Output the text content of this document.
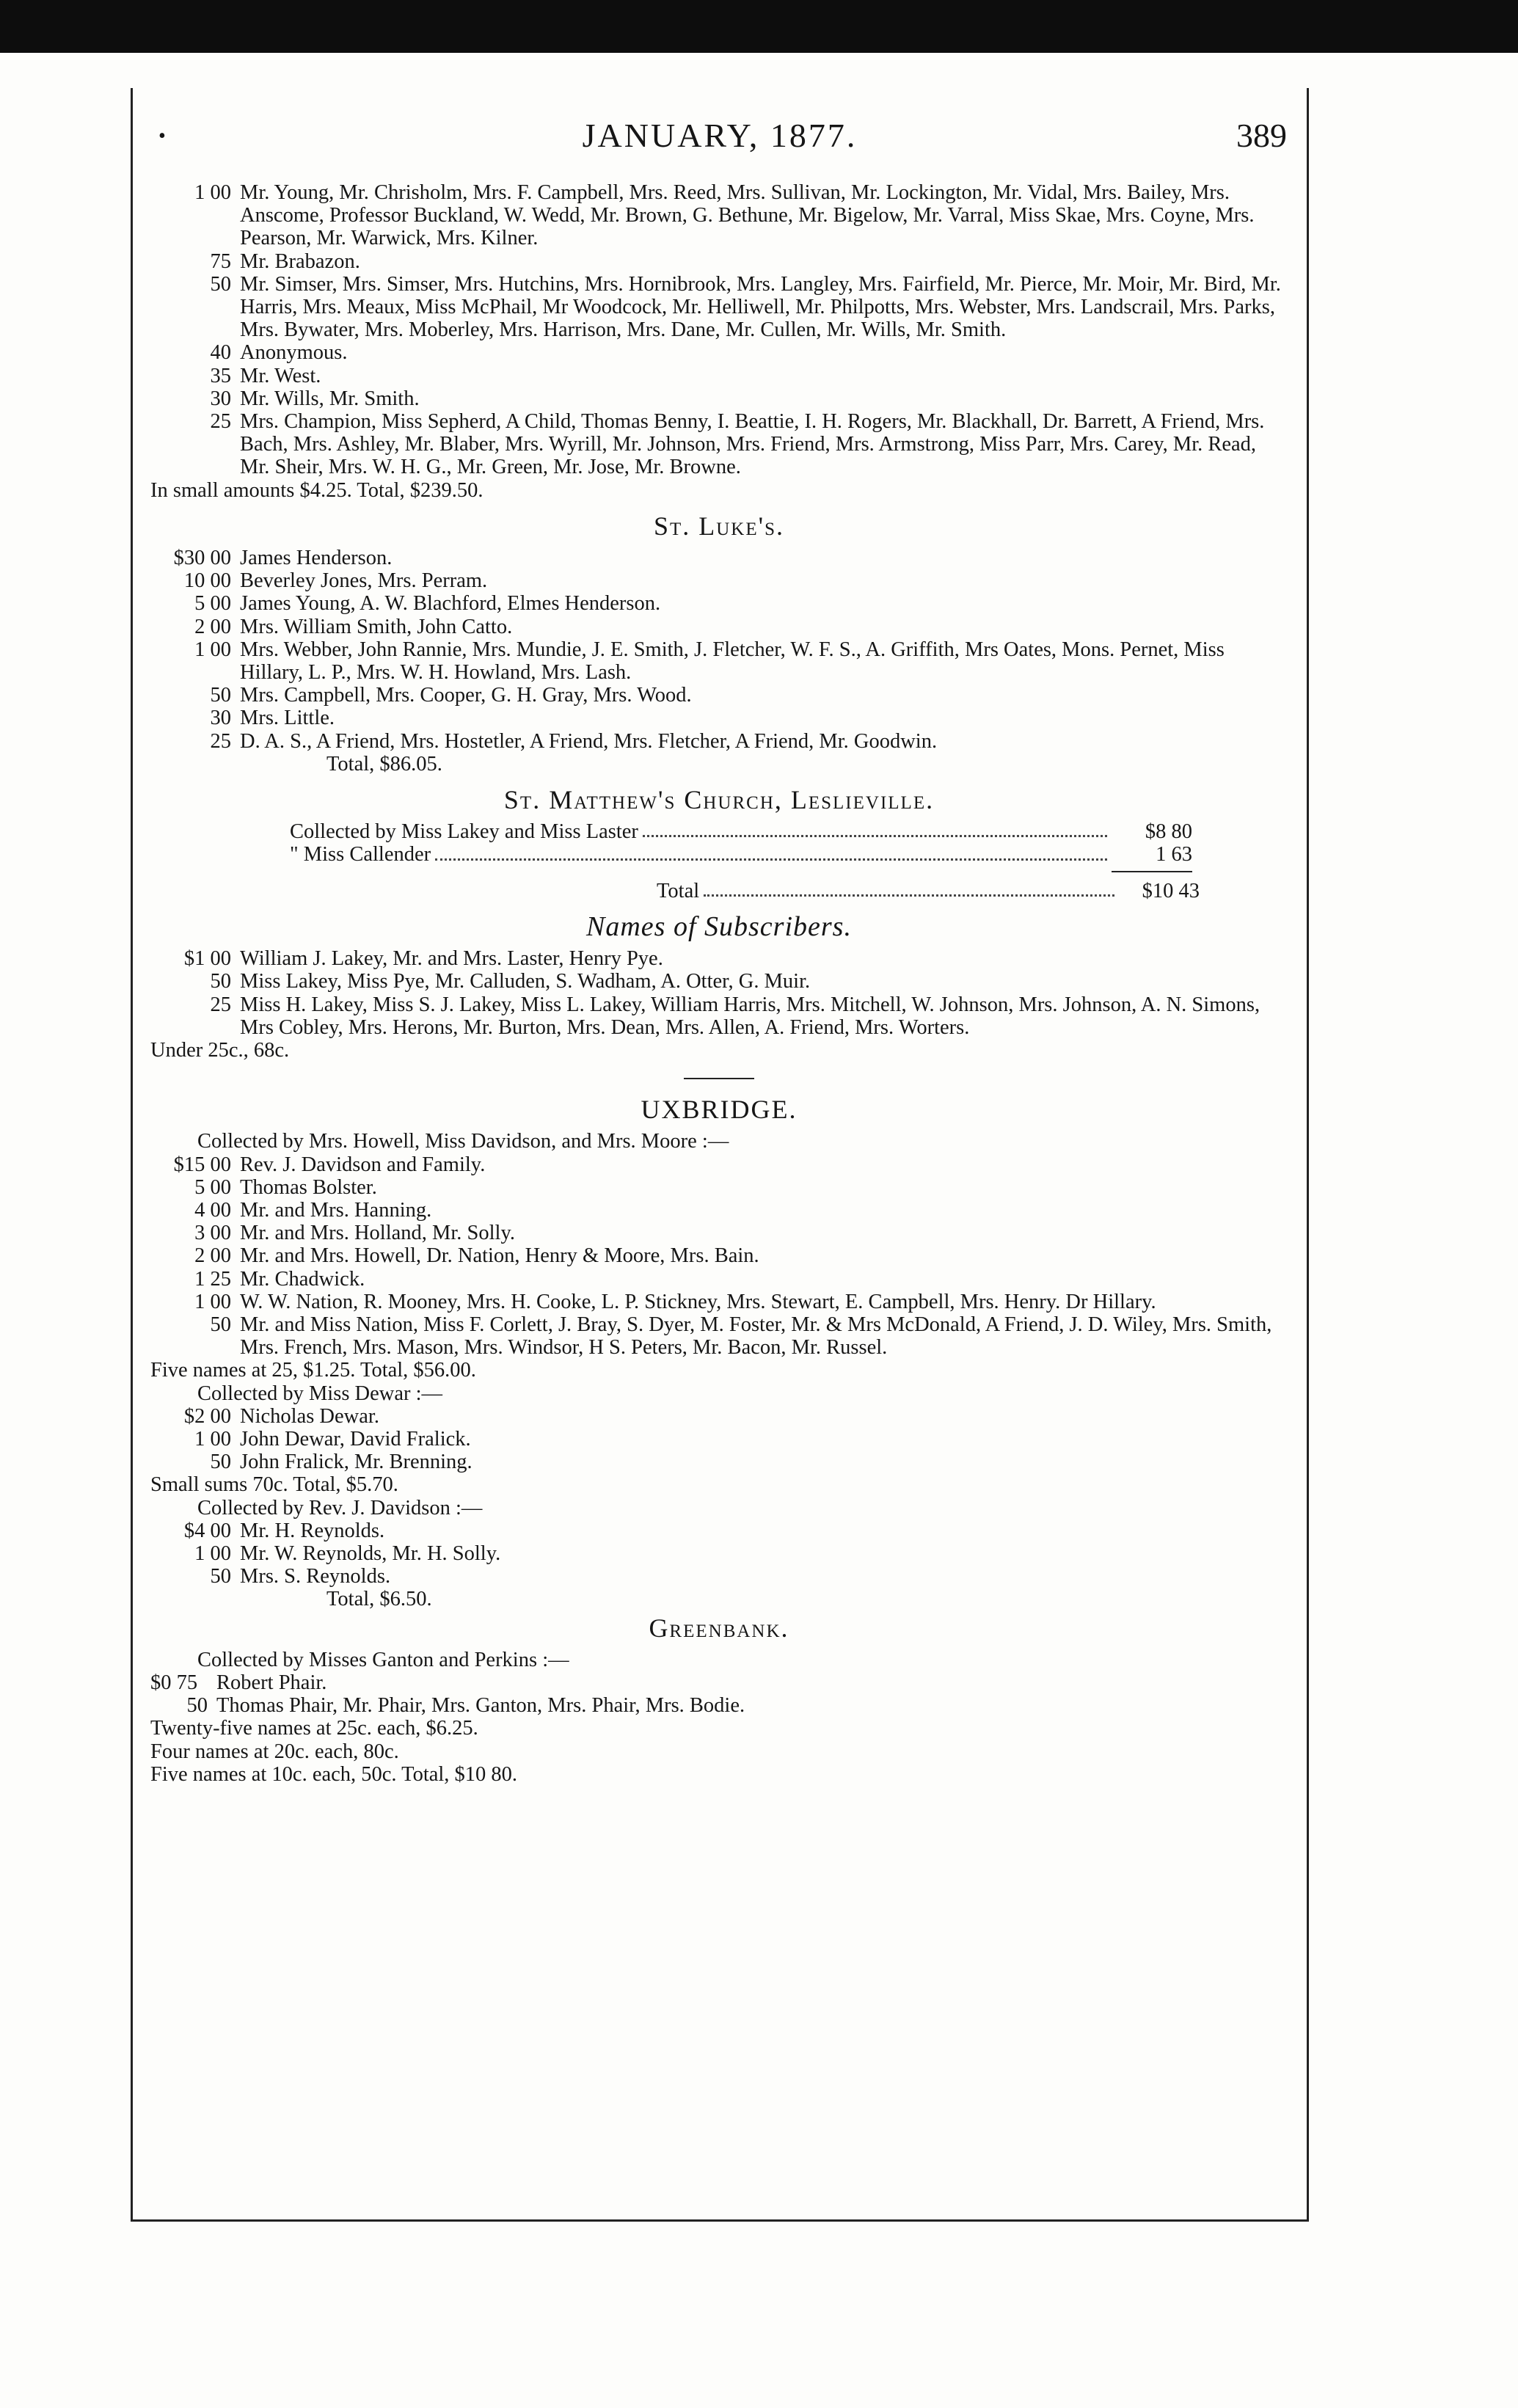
•	JANUARY, 1877.	389
1 00 Mr. Young, Mr. Chrisholm, Mrs. F. Campbell, Mrs. Reed, Mrs. Sullivan, Mr. Lockington, Mr. Vidal, Mrs. Bailey, Mrs. Anscome, Professor Buckland, W. Wedd, Mr. Brown, G. Bethune, Mr. Bigelow, Mr. Varral, Miss Skae, Mrs. Coyne, Mrs. Pearson, Mr. Warwick, Mrs. Kilner.
75 Mr. Brabazon.
50 Mr. Simser, Mrs. Simser, Mrs. Hutchins, Mrs. Hornibrook, Mrs. Langley, Mrs. Fairfield, Mr. Pierce, Mr. Moir, Mr. Bird, Mr. Harris, Mrs. Meaux, Miss McPhail, Mr Woodcock, Mr. Helliwell, Mr. Philpotts, Mrs. Webster, Mrs. Landscrail, Mrs. Parks, Mrs. Bywater, Mrs. Moberley, Mrs. Harrison, Mrs. Dane, Mr. Cullen, Mr. Wills, Mr. Smith.
40 Anonymous.
35 Mr. West.
30 Mr. Wills, Mr. Smith.
25 Mrs. Champion, Miss Sepherd, A Child, Thomas Benny, I. Beattie, I. H. Rogers, Mr. Blackhall, Dr. Barrett, A Friend, Mrs. Bach, Mrs. Ashley, Mr. Blaber, Mrs. Wyrill, Mr. Johnson, Mrs. Friend, Mrs. Armstrong, Miss Parr, Mrs. Carey, Mr. Read, Mr. Sheir, Mrs. W. H. G., Mr. Green, Mr. Jose, Mr. Browne.
In small amounts $4.25. Total, $239.50.
St. Luke's.
$30 00 James Henderson.
10 00 Beverley Jones, Mrs. Perram.
5 00 James Young, A. W. Blachford, Elmes Henderson.
2 00 Mrs. William Smith, John Catto.
1 00 Mrs. Webber, John Rannie, Mrs. Mundie, J. E. Smith, J. Fletcher, W. F. S., A. Griffith, Mrs Oates, Mons. Pernet, Miss Hillary, L. P., Mrs. W. H. Howland, Mrs. Lash.
50 Mrs. Campbell, Mrs. Cooper, G. H. Gray, Mrs. Wood.
30 Mrs. Little.
25 D. A. S., A Friend, Mrs. Hostetler, A Friend, Mrs. Fletcher, A Friend, Mr. Goodwin.
Total, $86.05.
St. Matthew's Church, Leslieville.
Collected by Miss Lakey and Miss Laster	$8 80
" Miss Callender	1 63
Total	$10 43
Names of Subscribers.
$1 00 William J. Lakey, Mr. and Mrs. Laster, Henry Pye.
50 Miss Lakey, Miss Pye, Mr. Calluden, S. Wadham, A. Otter, G. Muir.
25 Miss H. Lakey, Miss S. J. Lakey, Miss L. Lakey, William Harris, Mrs. Mitchell, W. Johnson, Mrs. Johnson, A. N. Simons, Mrs Cobley, Mrs. Herons, Mr. Burton, Mrs. Dean, Mrs. Allen, A. Friend, Mrs. Worters.
Under 25c., 68c.
UXBRIDGE.
Collected by Mrs. Howell, Miss Davidson, and Mrs. Moore :—
$15 00 Rev. J. Davidson and Family.
5 00 Thomas Bolster.
4 00 Mr. and Mrs. Hanning.
3 00 Mr. and Mrs. Holland, Mr. Solly.
2 00 Mr. and Mrs. Howell, Dr. Nation, Henry & Moore, Mrs. Bain.
1 25 Mr. Chadwick.
1 00 W. W. Nation, R. Mooney, Mrs. H. Cooke, L. P. Stickney, Mrs. Stewart, E. Campbell, Mrs. Henry. Dr Hillary.
50 Mr. and Miss Nation, Miss F. Corlett, J. Bray, S. Dyer, M. Foster, Mr. & Mrs McDonald, A Friend, J. D. Wiley, Mrs. Smith, Mrs. French, Mrs. Mason, Mrs. Windsor, H S. Peters, Mr. Bacon, Mr. Russel.
Five names at 25, $1.25. Total, $56.00.
Collected by Miss Dewar :—
$2 00 Nicholas Dewar.
1 00 John Dewar, David Fralick.
50 John Fralick, Mr. Brenning.
Small sums 70c. Total, $5.70.
Collected by Rev. J. Davidson :—
$4 00 Mr. H. Reynolds.
1 00 Mr. W. Reynolds, Mr. H. Solly.
50 Mrs. S. Reynolds.
Total, $6.50.
Greenbank.
Collected by Misses Ganton and Perkins :—
$0 75 Robert Phair.
50 Thomas Phair, Mr. Phair, Mrs. Ganton, Mrs. Phair, Mrs. Bodie.
Twenty-five names at 25c. each, $6.25.
Four names at 20c. each, 80c.
Five names at 10c. each, 50c. Total, $10 80.
